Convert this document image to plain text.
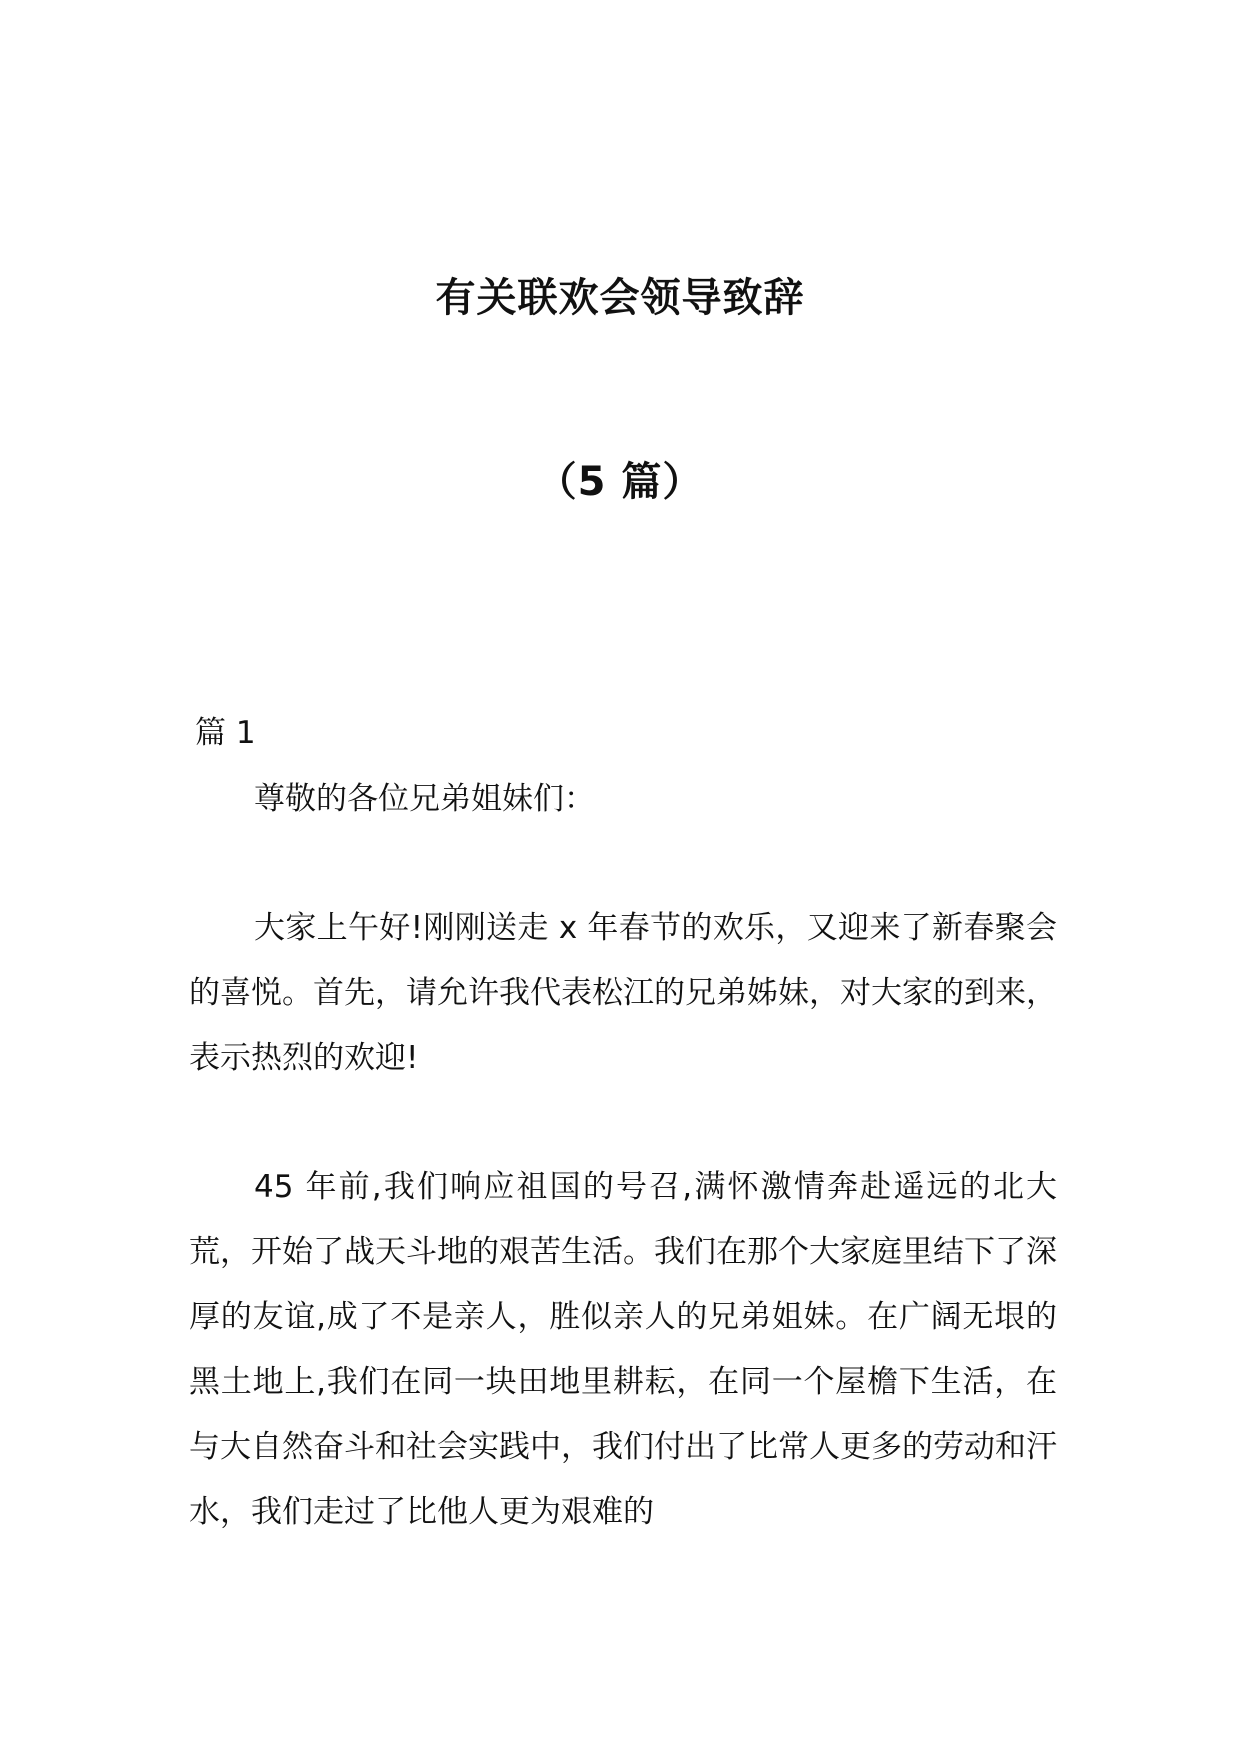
有关联欢会领导致辞
（5 篇）
篇 1

尊敬的各位兄弟姐妹们：

大家上午好!刚刚送走 x 年春节的欢乐，又迎来了新春聚会的喜悦。首先，请允许我代表松江的兄弟姊妹，对大家的到来，表示热烈的欢迎!

45 年前,我们响应祖国的号召,满怀激情奔赴遥远的北大荒，开始了战天斗地的艰苦生活。我们在那个大家庭里结下了深厚的友谊,成了不是亲人，胜似亲人的兄弟姐妹。在广阔无垠的黑土地上,我们在同一块田地里耕耘，在同一个屋檐下生活，在与大自然奋斗和社会实践中，我们付出了比常人更多的劳动和汗水，我们走过了比他人更为艰难的
